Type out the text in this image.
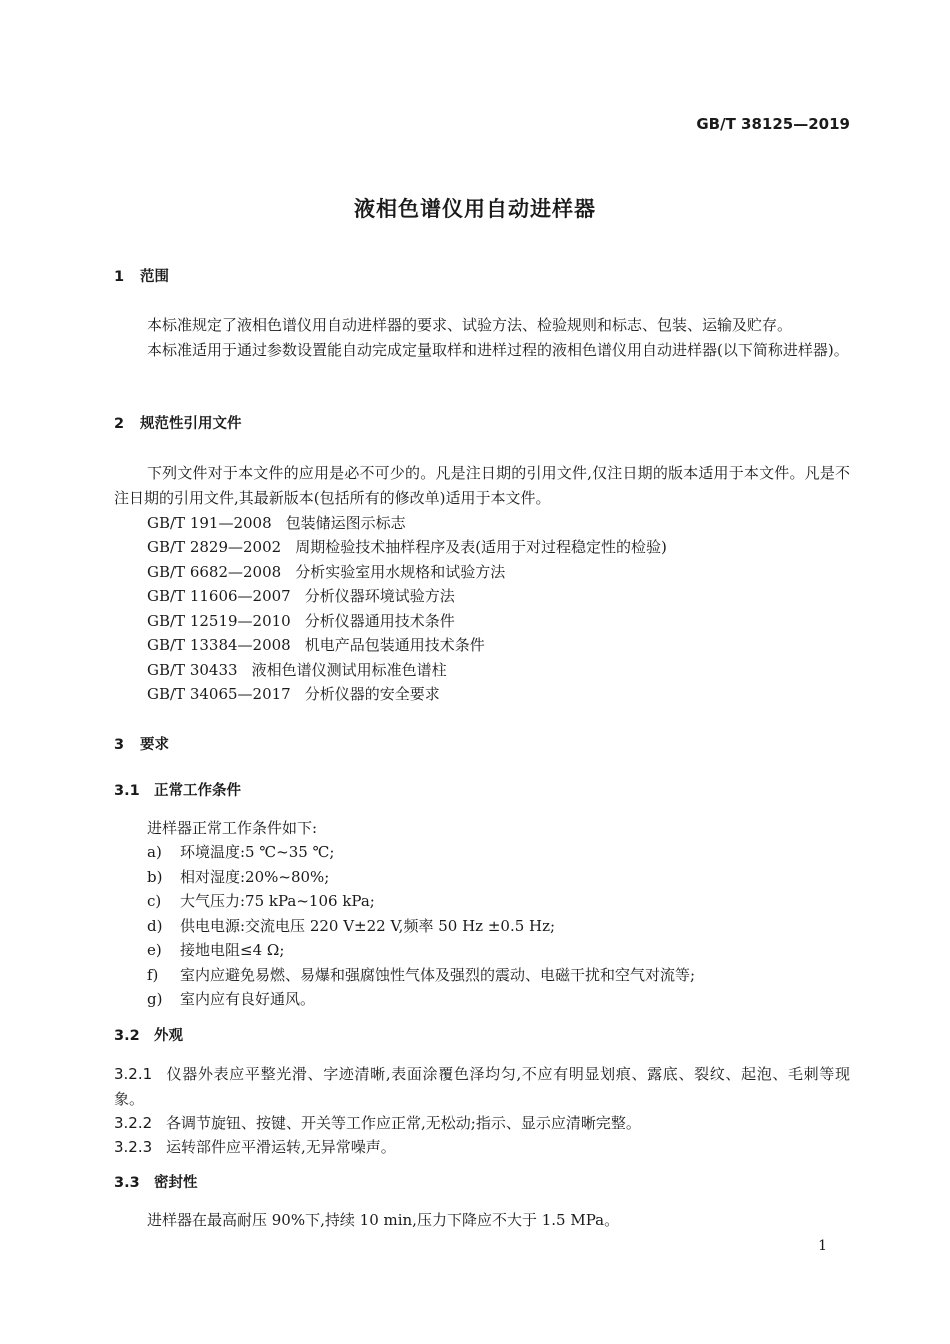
GB/T 38125—2019
液相色谱仪用自动进样器
1 范围
本标准规定了液相色谱仪用自动进样器的要求、试验方法、检验规则和标志、包装、运输及贮存。
本标准适用于通过参数设置能自动完成定量取样和进样过程的液相色谱仪用自动进样器(以下简称进样器)。
2 规范性引用文件
下列文件对于本文件的应用是必不可少的。凡是注日期的引用文件,仅注日期的版本适用于本文件。凡是不注日期的引用文件,其最新版本(包括所有的修改单)适用于本文件。
GB/T 191—2008 包装储运图示标志
GB/T 2829—2002 周期检验技术抽样程序及表(适用于对过程稳定性的检验)
GB/T 6682—2008 分析实验室用水规格和试验方法
GB/T 11606—2007 分析仪器环境试验方法
GB/T 12519—2010 分析仪器通用技术条件
GB/T 13384—2008 机电产品包装通用技术条件
GB/T 30433 液相色谱仪测试用标准色谱柱
GB/T 34065—2017 分析仪器的安全要求
3 要求
3.1 正常工作条件
进样器正常工作条件如下:
a) 环境温度:5 ℃~35 ℃;
b) 相对湿度:20%~80%;
c) 大气压力:75 kPa~106 kPa;
d) 供电电源:交流电压 220 V±22 V,频率 50 Hz ±0.5 Hz;
e) 接地电阻≤4 Ω;
f) 室内应避免易燃、易爆和强腐蚀性气体及强烈的震动、电磁干扰和空气对流等;
g) 室内应有良好通风。
3.2 外观
3.2.1 仪器外表应平整光滑、字迹清晰,表面涂覆色泽均匀,不应有明显划痕、露底、裂纹、起泡、毛刺等现象。
3.2.2 各调节旋钮、按键、开关等工作应正常,无松动;指示、显示应清晰完整。
3.2.3 运转部件应平滑运转,无异常噪声。
3.3 密封性
进样器在最高耐压 90%下,持续 10 min,压力下降应不大于 1.5 MPa。
1
